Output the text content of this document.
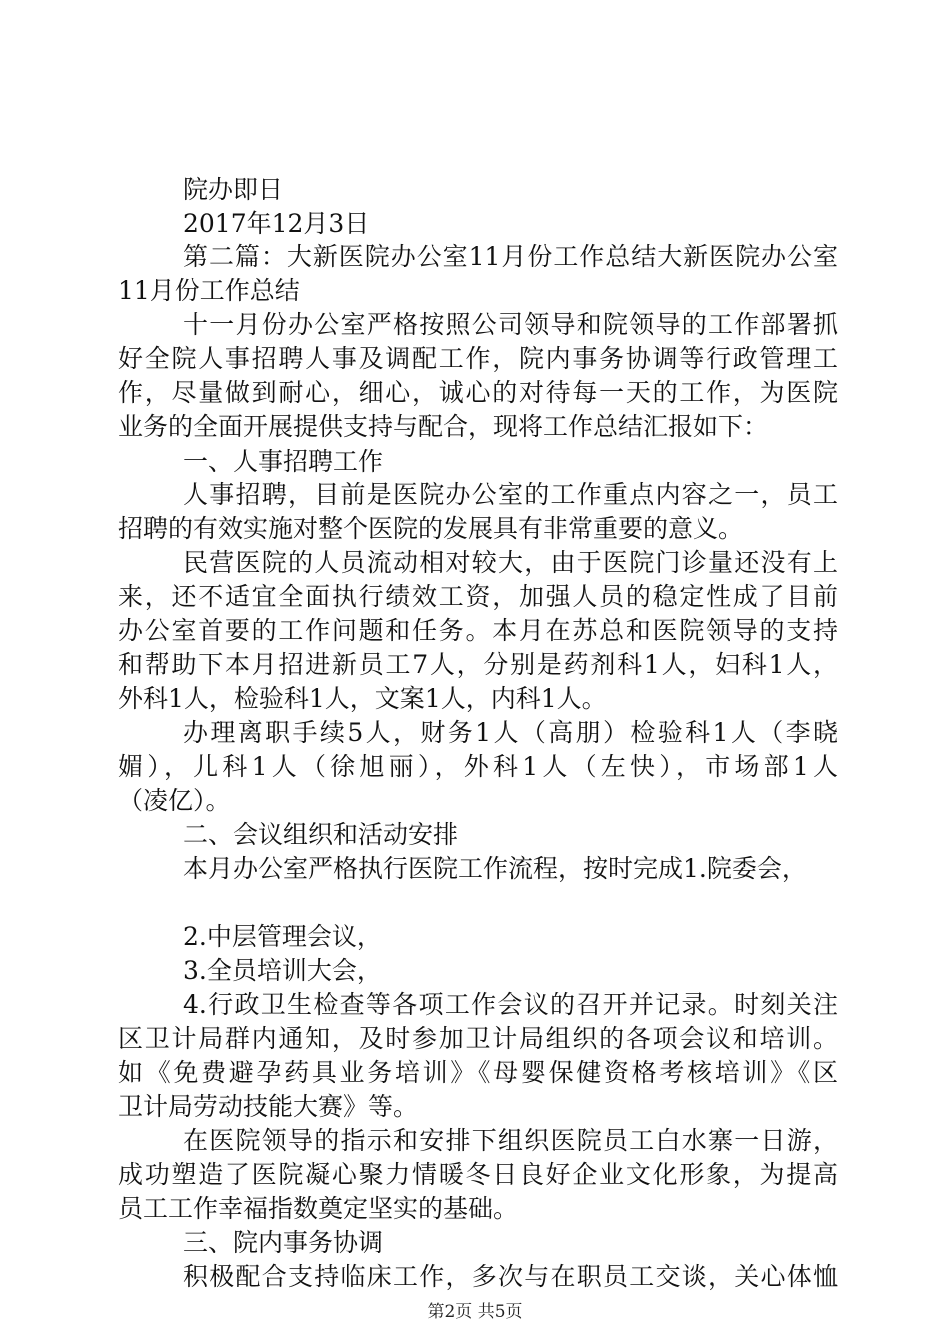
院办即日
2017年12月3日
第二篇：大新医院办公室11月份工作总结大新医院办公室
11月份工作总结
十一月份办公室严格按照公司领导和院领导的工作部署抓
好全院人事招聘人事及调配工作，院内事务协调等行政管理工
作，尽量做到耐心，细心，诚心的对待每一天的工作，为医院
业务的全面开展提供支持与配合，现将工作总结汇报如下：
一、人事招聘工作
人事招聘，目前是医院办公室的工作重点内容之一，员工
招聘的有效实施对整个医院的发展具有非常重要的意义。
民营医院的人员流动相对较大，由于医院门诊量还没有上
来，还不适宜全面执行绩效工资，加强人员的稳定性成了目前
办公室首要的工作问题和任务。本月在苏总和医院领导的支持
和帮助下本月招进新员工7人，分别是药剂科1人，妇科1人，
外科1人，检验科1人，文案1人，内科1人。
办理离职手续5人，财务1人（高朋）检验科1人（李晓
媚），儿科1人（徐旭丽），外科1人（左快），市场部1人
（凌亿）。
二、会议组织和活动安排
本月办公室严格执行医院工作流程，按时完成1.院委会，
2.中层管理会议，
3.全员培训大会，
4.行政卫生检查等各项工作会议的召开并记录。时刻关注
区卫计局群内通知，及时参加卫计局组织的各项会议和培训。
如《免费避孕药具业务培训》《母婴保健资格考核培训》《区
卫计局劳动技能大赛》等。
在医院领导的指示和安排下组织医院员工白水寨一日游，
成功塑造了医院凝心聚力情暖冬日良好企业文化形象，为提高
员工工作幸福指数奠定坚实的基础。
三、院内事务协调
积极配合支持临床工作，多次与在职员工交谈，关心体恤
第2页 共5页
